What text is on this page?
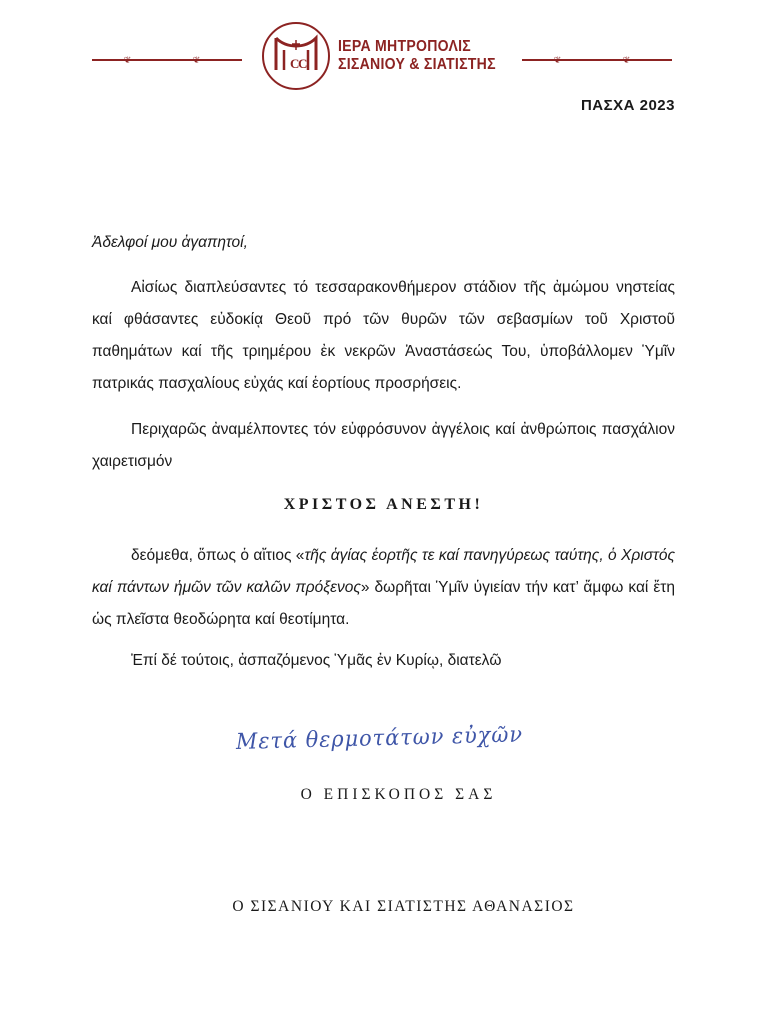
∽ ❦ ∽ ∽ ∽ ∽ ❦ ∽	∽ ❦ ∽ ∽ ∽ ∽ ❦ ∽
C
C
ΙΕΡΑ ΜΗΤΡΟΠΟΛΙΣ
ΣΙΣΑΝΙΟΥ & ΣΙΑΤΙΣΤΗΣ
ΠΑΣΧΑ 2023
Ἀδελφοί μου ἀγαπητοί,
Αἰσίως διαπλεύσαντες τό τεσσαρακονθήμερον στάδιον τῆς ἀμώμου νηστείας καί φθάσαντες εὐδοκίᾳ Θεοῦ πρό τῶν θυρῶν τῶν σεβασμίων τοῦ Χριστοῦ παθημάτων καί τῆς τριημέρου ἐκ νεκρῶν Ἀναστάσεώς Του, ὑποβάλλομεν Ὑμῖν πατρικάς πασχαλίους εὐχάς καί ἑορτίους προσρήσεις.
Περιχαρῶς ἀναμέλποντες τόν εὐφρόσυνον ἀγγέλοις καί ἀνθρώποις πασχάλιον χαιρετισμόν
ΧΡΙΣΤΟΣ ΑΝΕΣΤΗ!
δεόμεθα, ὅπως ὁ αἴτιος «τῆς ἁγίας ἑορτῆς τε καί πανηγύρεως ταύτης, ὁ Χριστός καί πάντων ἡμῶν τῶν καλῶν πρόξενος» δωρῆται Ὑμῖν ὑγιείαν τήν κατ’ ἄμφω καί ἔτη ὡς πλεῖστα θεοδώρητα καί θεοτίμητα.
Ἐπί δέ τούτοις, ἀσπαζόμενος Ὑμᾶς ἐν Κυρίῳ, διατελῶ
Μετά θερμοτάτων εὐχῶν
Ο ΕΠΙΣΚΟΠΟΣ ΣΑΣ
Ο ΣΙΣΑΝΙΟΥ ΚΑΙ ΣΙΑΤΙΣΤΗΣ ΑΘΑΝΑΣΙΟΣ
